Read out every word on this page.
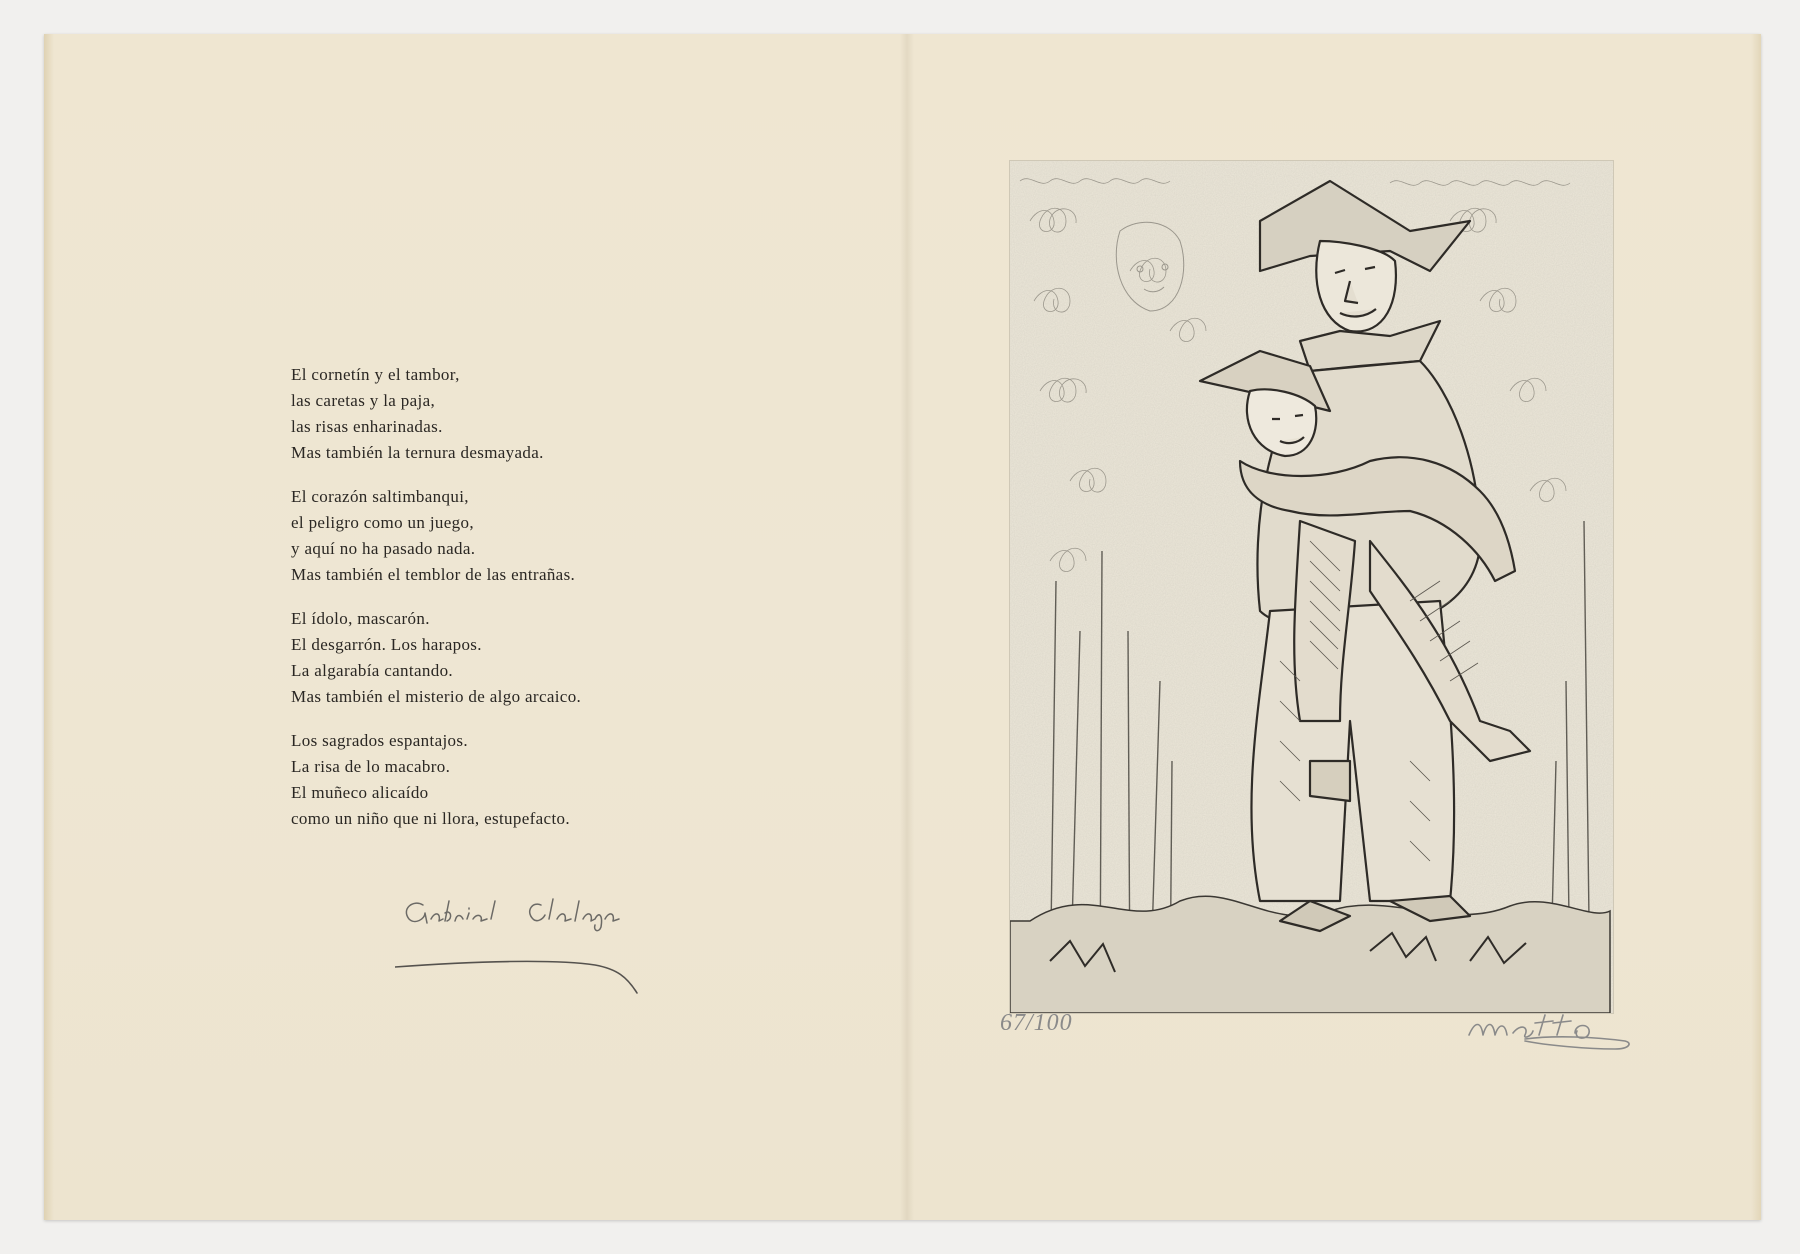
El cornetín y el tambor,
las caretas y la paja,
las risas enharinadas.
Mas también la ternura desmayada.
El corazón saltimbanqui,
el peligro como un juego,
y aquí no ha pasado nada.
Mas también el temblor de las entrañas.
El ídolo, mascarón.
El desgarrón. Los harapos.
La algarabía cantando.
Mas también el misterio de algo arcaico.
Los sagrados espantajos.
La risa de lo macabro.
El muñeco alicaído
como un niño que ni llora, estupefacto.
67/100
